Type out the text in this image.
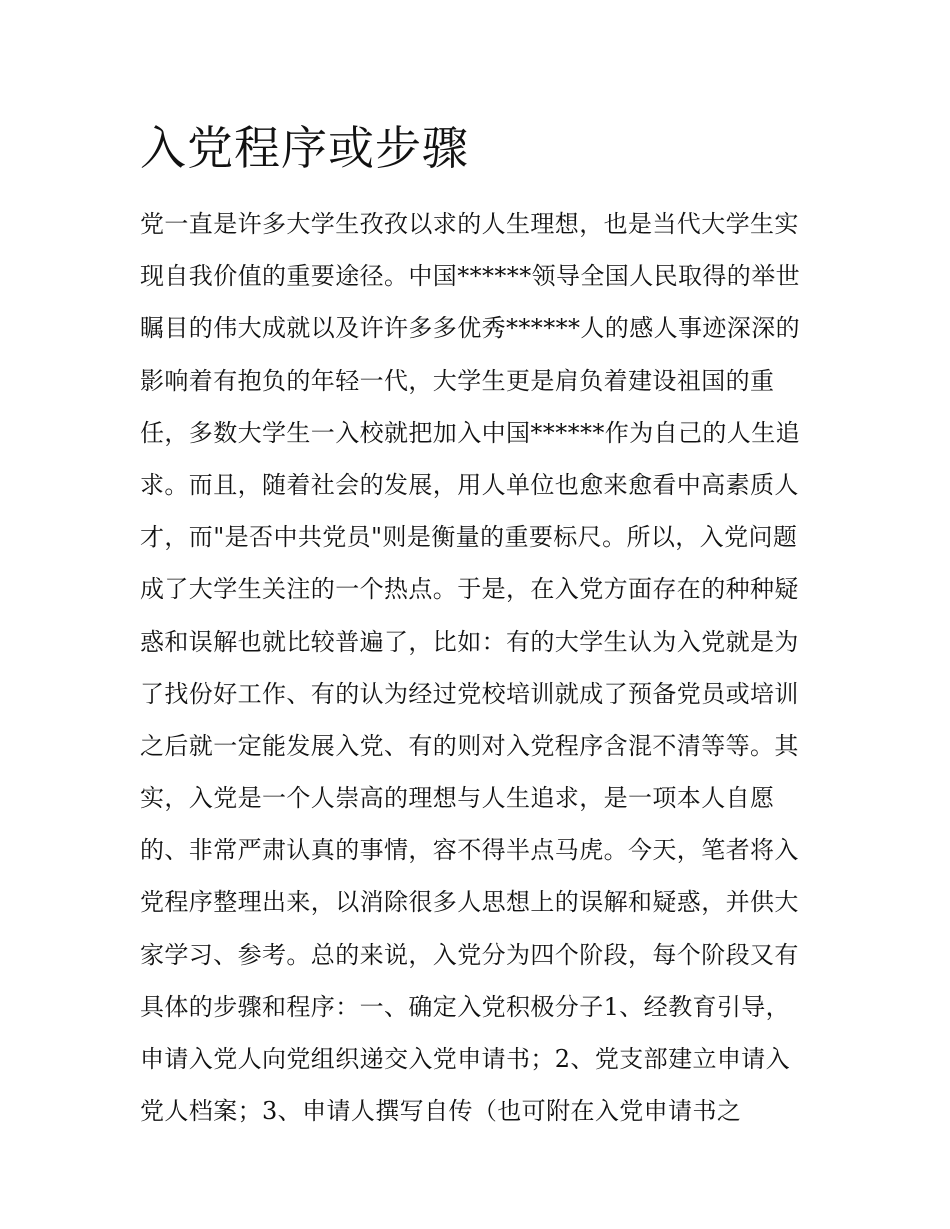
入党程序或步骤
党一直是许多大学生孜孜以求的人生理想，也是当代大学生实
现自我价值的重要途径。中国******领导全国人民取得的举世
瞩目的伟大成就以及许许多多优秀******人的感人事迹深深的
影响着有抱负的年轻一代，大学生更是肩负着建设祖国的重
任，多数大学生一入校就把加入中国******作为自己的人生追
求。而且，随着社会的发展，用人单位也愈来愈看中高素质人
才，而"是否中共党员"则是衡量的重要标尺。所以，入党问题
成了大学生关注的一个热点。于是，在入党方面存在的种种疑
惑和误解也就比较普遍了，比如：有的大学生认为入党就是为
了找份好工作、有的认为经过党校培训就成了预备党员或培训
之后就一定能发展入党、有的则对入党程序含混不清等等。其
实，入党是一个人崇高的理想与人生追求，是一项本人自愿
的、非常严肃认真的事情，容不得半点马虎。今天，笔者将入
党程序整理出来，以消除很多人思想上的误解和疑惑，并供大
家学习、参考。总的来说，入党分为四个阶段，每个阶段又有
具体的步骤和程序：一、确定入党积极分子1、经教育引导，
申请入党人向党组织递交入党申请书；2、党支部建立申请入
党人档案；3、申请人撰写自传（也可附在入党申请书之
